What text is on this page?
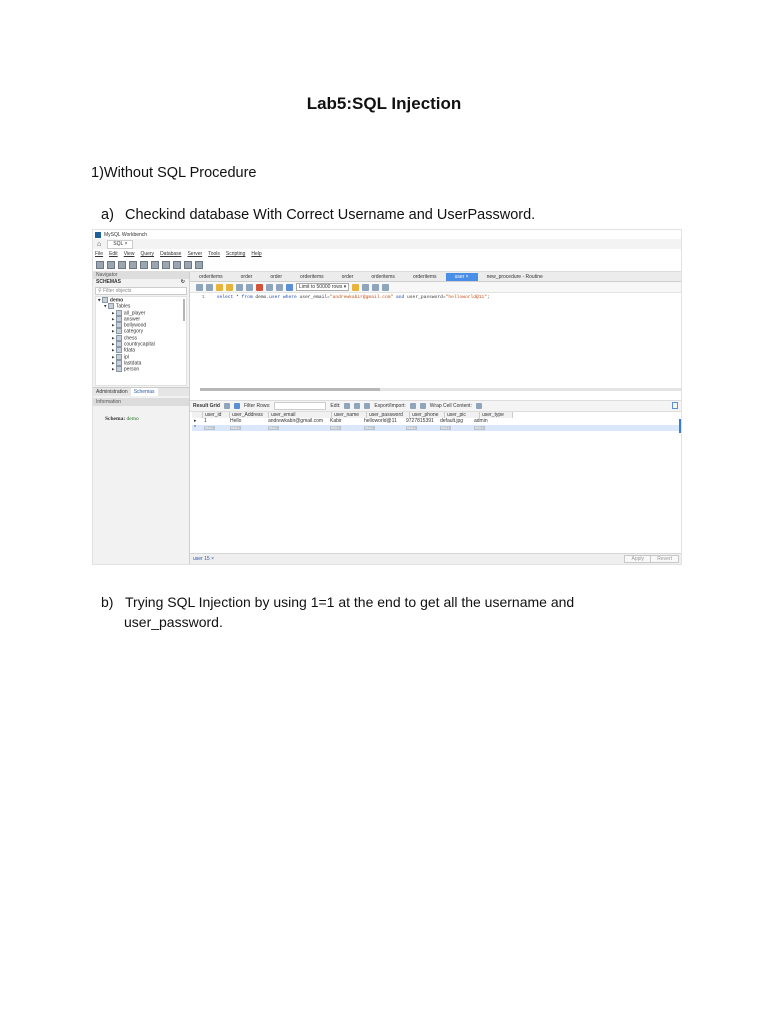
Lab5:SQL Injection
1)Without SQL Procedure
a) Checkind database With Correct Username and UserPassword.
MySQL Workbench
⌂	SQL ×
File Edit View Query Database Server Tools Scripting Help
Navigator
SCHEMAS	↻
⚲ Filter objects
▾ demo
▾ Tables
▸ all_player
▸ answer
▸ bollywood
▸ category
▸ chess
▸ countrycapital
▸ fdata
▸ ipl
▸ lastdata
▸ person
Administration	Schemas
Information
Schema: demo
orderitems	order	order	orderitems	order	orderitems	orderitems	user ×	new_procedure - Routine
Limit to 50000 rows ▾
1	select * from demo.user where user_email="andrewkabir@gmail.com" and user_password="helloworld@11";
Result Grid	Filter Rows:	Edit:	Export/Import:	Wrap Cell Content:
user_id	user_Address	user_email	user_name	user_password	user_phone	user_pic	user_type
▸	1	Hello	andrewkabir@gmail.com	Kabir	helloworld@11	9727815391	default.jpg	admin
*	NULL	NULL	NULL	NULL	NULL	NULL	NULL	NULL
user 15 ×	Apply	Revert
b) Trying SQL Injection by using 1=1 at the end to get all the username and
user_password.
